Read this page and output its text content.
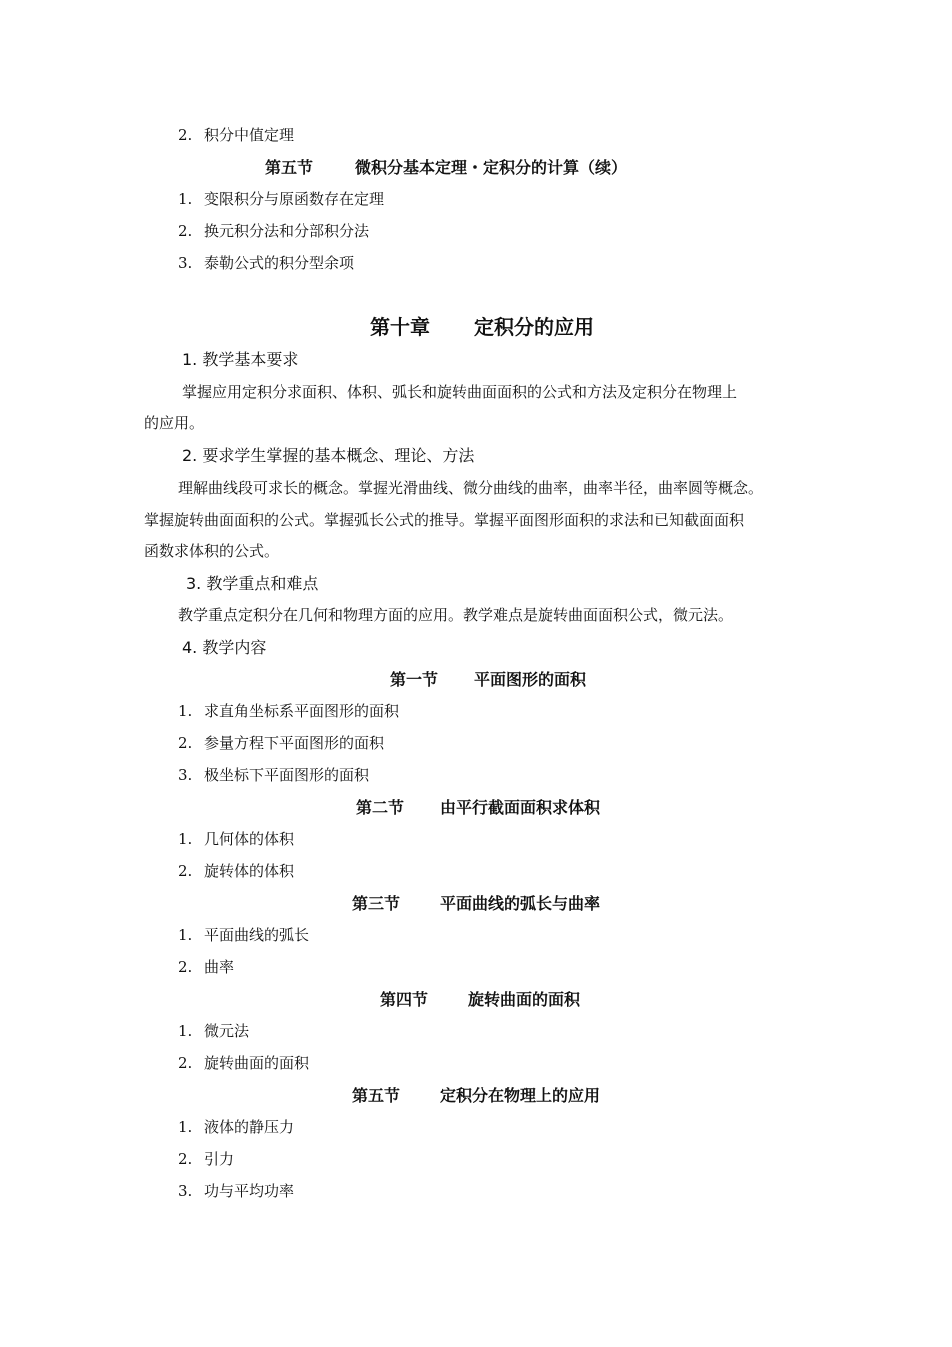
2. 积分中值定理
第五节	微积分基本定理・定积分的计算（续）
1. 变限积分与原函数存在定理
2. 换元积分法和分部积分法
3. 泰勒公式的积分型余项
第十章 定积分的应用
1. 教学基本要求
掌握应用定积分求面积、体积、弧长和旋转曲面面积的公式和方法及定积分在物理上
的应用。
2. 要求学生掌握的基本概念、理论、方法
理解曲线段可求长的概念。掌握光滑曲线、微分曲线的曲率，曲率半径，曲率圆等概念。
掌握旋转曲面面积的公式。掌握弧长公式的推导。掌握平面图形面积的求法和已知截面面积
函数求体积的公式。
3. 教学重点和难点
教学重点定积分在几何和物理方面的应用。教学难点是旋转曲面面积公式，微元法。
4. 教学内容
第一节 平面图形的面积
1. 求直角坐标系平面图形的面积
2. 参量方程下平面图形的面积
3. 极坐标下平面图形的面积
第二节 由平行截面面积求体积
1. 几何体的体积
2. 旋转体的体积
第三节	平面曲线的弧长与曲率
1. 平面曲线的弧长
2. 曲率
第四节	旋转曲面的面积
1. 微元法
2. 旋转曲面的面积
第五节	定积分在物理上的应用
1. 液体的静压力
2. 引力
3. 功与平均功率
